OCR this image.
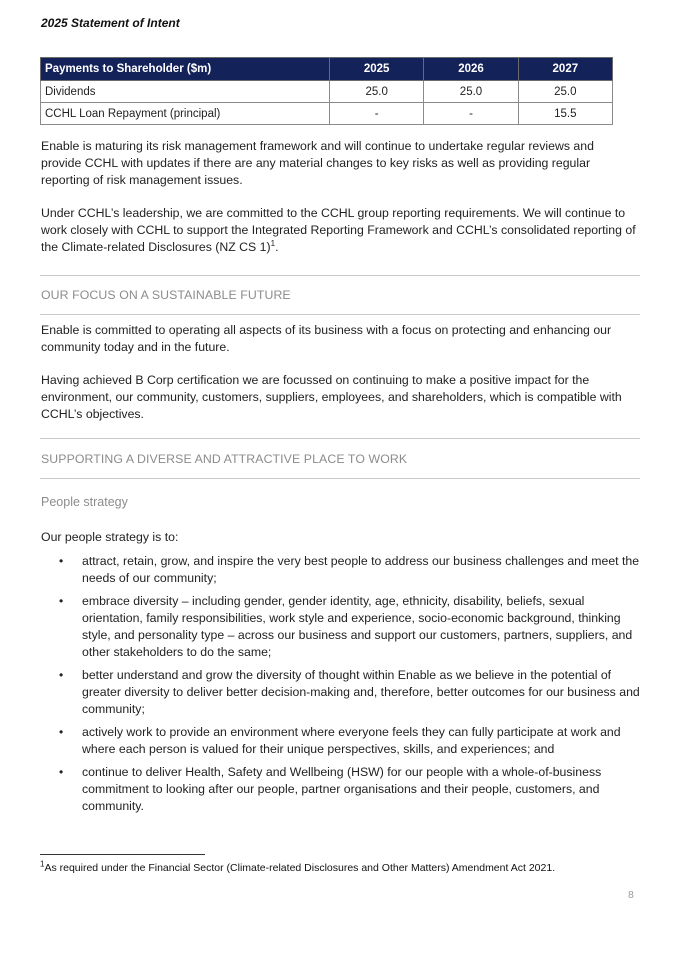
2025 Statement of Intent
Payments to Shareholder ($m)	2025	2026	2027
Dividends	25.0	25.0	25.0
CCHL Loan Repayment (principal)	-	-	15.5
Enable is maturing its risk management framework and will continue to undertake regular reviews and provide CCHL with updates if there are any material changes to key risks as well as providing regular reporting of risk management issues.
Under CCHL’s leadership, we are committed to the CCHL group reporting requirements. We will continue to work closely with CCHL to support the Integrated Reporting Framework and CCHL’s consolidated reporting of the Climate-related Disclosures (NZ CS 1)$^1$.
OUR FOCUS ON A SUSTAINABLE FUTURE
Enable is committed to operating all aspects of its business with a focus on protecting and enhancing our community today and in the future.
Having achieved B Corp certification we are focussed on continuing to make a positive impact for the environment, our community, customers, suppliers, employees, and shareholders, which is compatible with CCHL’s objectives.
SUPPORTING A DIVERSE AND ATTRACTIVE PLACE TO WORK
People strategy
Our people strategy is to:
• attract, retain, grow, and inspire the very best people to address our business challenges and meet the needs of our community;
• embrace diversity – including gender, gender identity, age, ethnicity, disability, beliefs, sexual orientation, family responsibilities, work style and experience, socio-economic background, thinking style, and personality type – across our business and support our customers, partners, suppliers, and other stakeholders to do the same;
• better understand and grow the diversity of thought within Enable as we believe in the potential of greater diversity to deliver better decision-making and, therefore, better outcomes for our business and community;
• actively work to provide an environment where everyone feels they can fully participate at work and where each person is valued for their unique perspectives, skills, and experiences; and
• continue to deliver Health, Safety and Wellbeing (HSW) for our people with a whole-of-business commitment to looking after our people, partner organisations and their people, customers, and community.
$^1$As required under the Financial Sector (Climate-related Disclosures and Other Matters) Amendment Act 2021.
8
